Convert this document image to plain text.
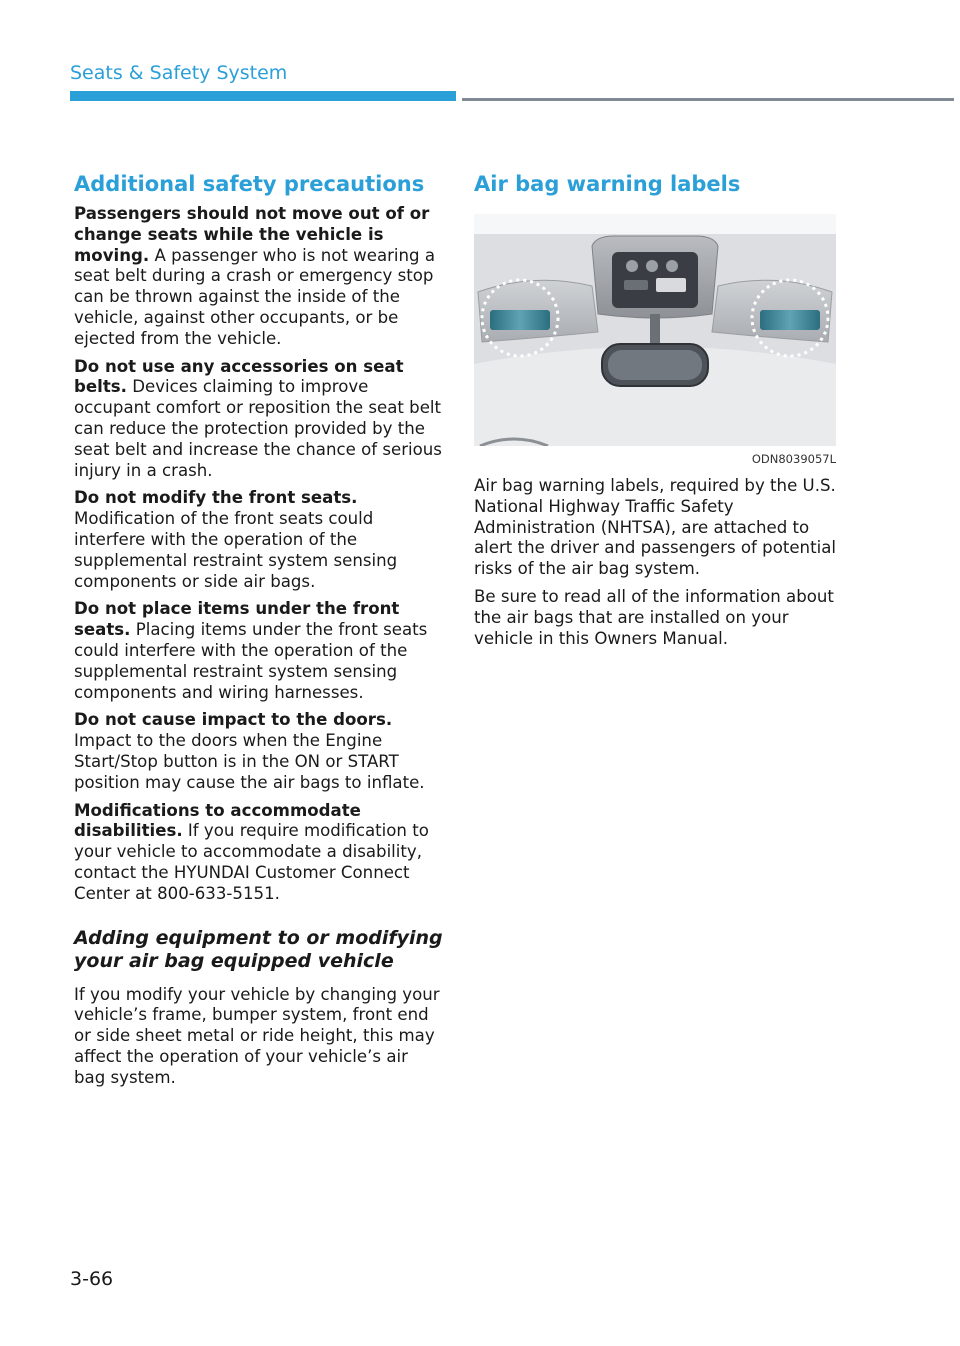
Seats & Safety System
Additional safety precautions

Passengers should not move out of or change seats while the vehicle is moving. A passenger who is not wearing a seat belt during a crash or emergency stop can be thrown against the inside of the vehicle, against other occupants, or be ejected from the vehicle.

Do not use any accessories on seat belts. Devices claiming to improve occupant comfort or reposition the seat belt can reduce the protection provided by the seat belt and increase the chance of serious injury in a crash.

Do not modify the front seats. Modification of the front seats could interfere with the operation of the supplemental restraint system sensing components or side air bags.

Do not place items under the front seats. Placing items under the front seats could interfere with the operation of the supplemental restraint system sensing components and wiring harnesses.

Do not cause impact to the doors. Impact to the doors when the Engine Start/Stop button is in the ON or START position may cause the air bags to inflate.

Modifications to accommodate disabilities. If you require modification to your vehicle to accommodate a disability, contact the HYUNDAI Customer Connect Center at 800-633-5151.

Adding equipment to or modifying your air bag equipped vehicle

If you modify your vehicle by changing your vehicle’s frame, bumper system, front end or side sheet metal or ride height, this may affect the operation of your vehicle’s air bag system.

Air bag warning labels
ODN8039057L

Air bag warning labels, required by the U.S. National Highway Traffic Safety Administration (NHTSA), are attached to alert the driver and passengers of potential risks of the air bag system.

Be sure to read all of the information about the air bags that are installed on your vehicle in this Owners Manual.

3-66
